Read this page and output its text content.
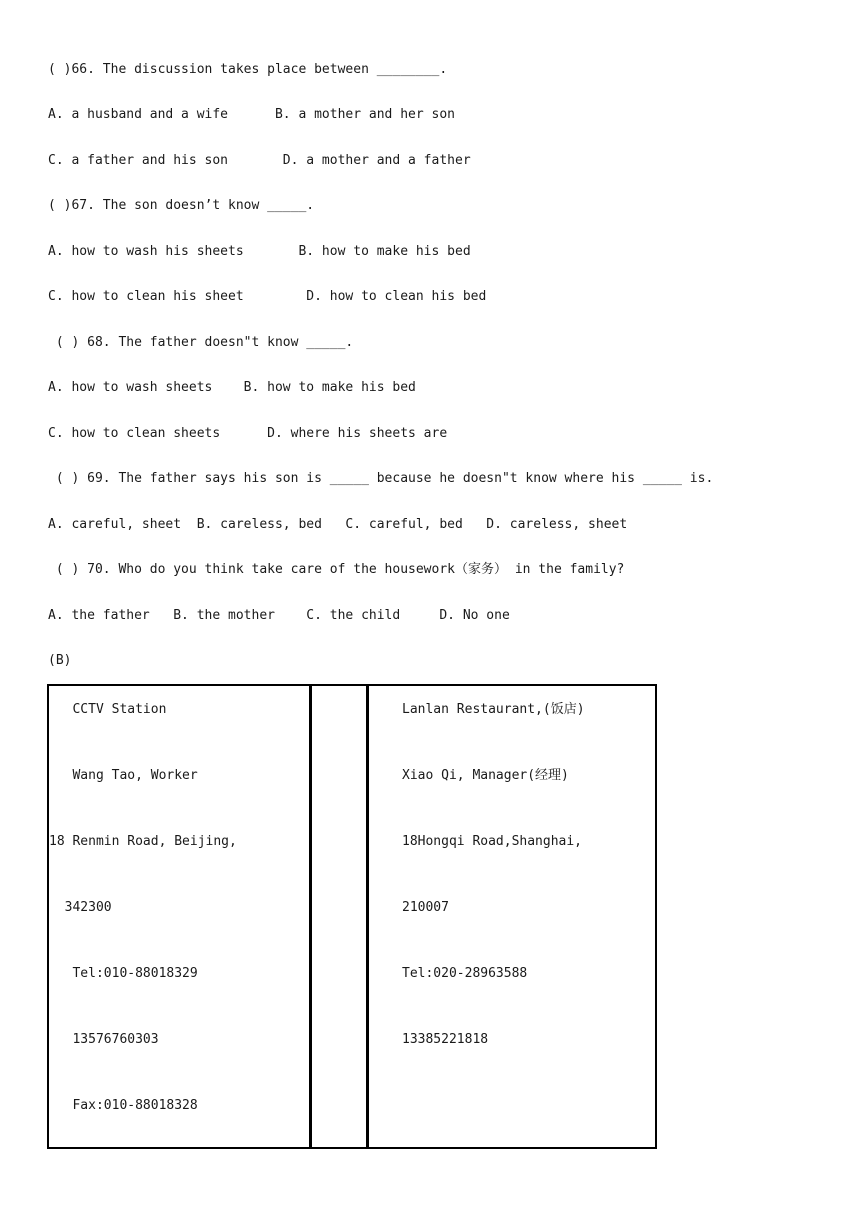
( )66. The discussion takes place between ________.
A. a husband and a wife      B. a mother and her son
C. a father and his son       D. a mother and a father
( )67. The son doesn’t know _____.
A. how to wash his sheets       B. how to make his bed
C. how to clean his sheet        D. how to clean his bed
( ) 68. The father doesn"t know _____.
A. how to wash sheets    B. how to make his bed
C. how to clean sheets      D. where his sheets are
( ) 69. The father says his son is _____ because he doesn"t know where his _____ is.
A. careful, sheet  B. careless, bed   C. careful, bed   D. careless, sheet
( ) 70. Who do you think take care of the housework（家务） in the family?
A. the father   B. the mother    C. the child     D. No one
(B)
CCTV Station
Wang Tao, Worker
18 Renmin Road, Beijing,
342300
Tel:010-88018329
13576760303
Fax:010-88018328
Lanlan Restaurant,(饭店)
Xiao Qi, Manager(经理)
18Hongqi Road,Shanghai,
210007
Tel:020-28963588
13385221818
